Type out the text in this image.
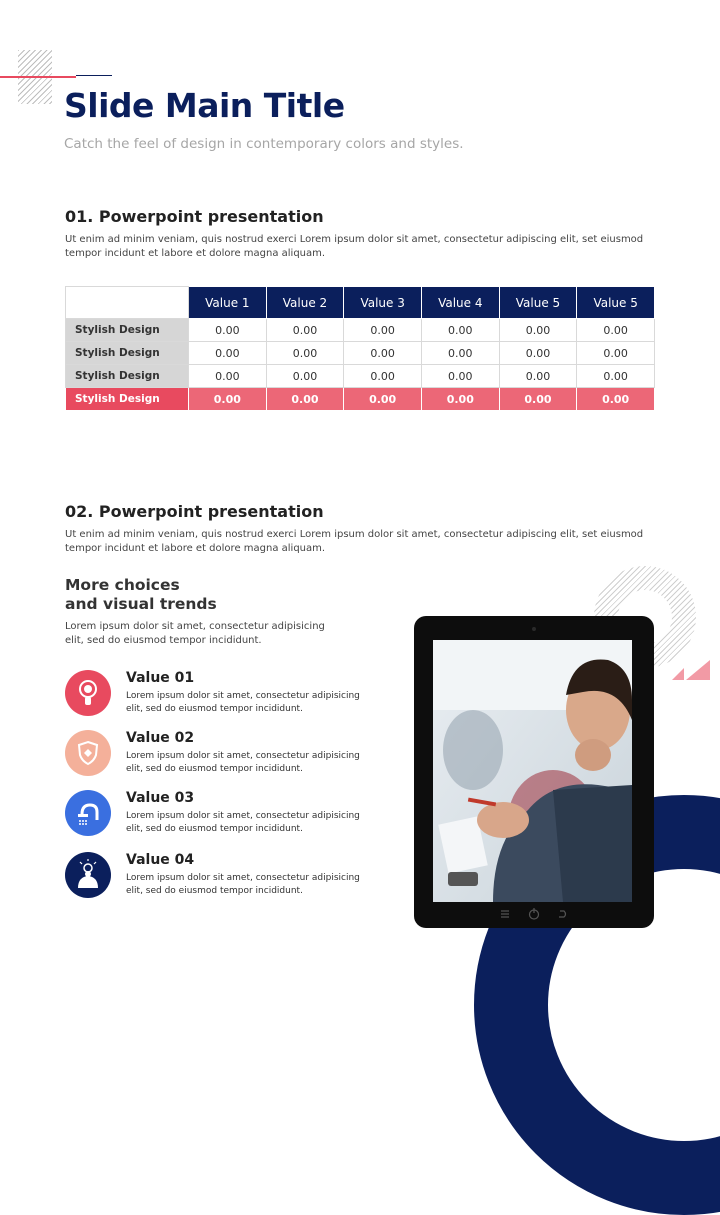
Slide Main Title
Catch the feel of design in contemporary colors and styles.
01. Powerpoint presentation
Ut enim ad minim veniam, quis nostrud exerci Lorem ipsum dolor sit amet, consectetur adipiscing elit, set eiusmod tempor incidunt et labore et dolore magna aliquam.
	Value 1	Value 2	Value 3	Value 4	Value 5	Value 5
Stylish Design	0.00	0.00	0.00	0.00	0.00	0.00
Stylish Design	0.00	0.00	0.00	0.00	0.00	0.00
Stylish Design	0.00	0.00	0.00	0.00	0.00	0.00
Stylish Design	0.00	0.00	0.00	0.00	0.00	0.00
02. Powerpoint presentation
Ut enim ad minim veniam, quis nostrud exerci Lorem ipsum dolor sit amet, consectetur adipiscing elit, set eiusmod tempor incidunt et labore et dolore magna aliquam.
More choices
and visual trends
Lorem ipsum dolor sit amet, consectetur adipisicing elit, sed do eiusmod tempor incididunt.
Value 01
Lorem ipsum dolor sit amet, consectetur adipisicing elit, sed do eiusmod tempor incididunt.
Value 02
Lorem ipsum dolor sit amet, consectetur adipisicing elit, sed do eiusmod tempor incididunt.
Value 03
Lorem ipsum dolor sit amet, consectetur adipisicing elit, sed do eiusmod tempor incididunt.
Value 04
Lorem ipsum dolor sit amet, consectetur adipisicing elit, sed do eiusmod tempor incididunt.
